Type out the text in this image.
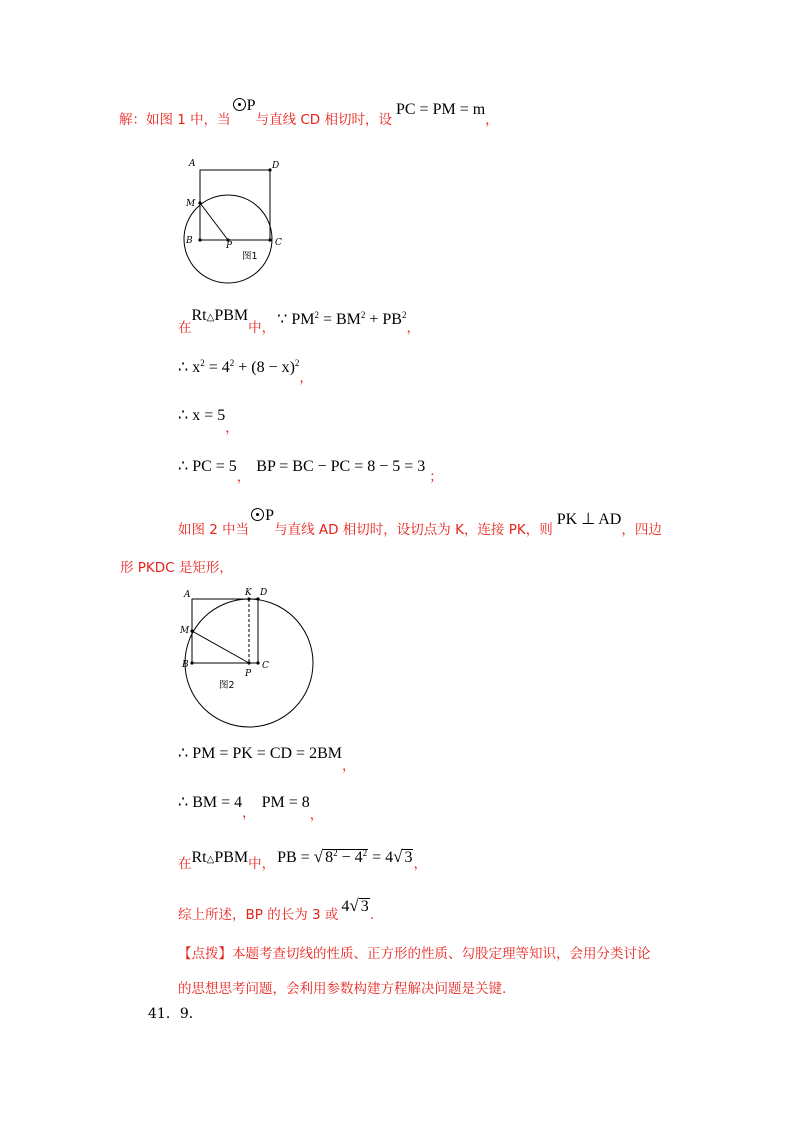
$_{解:如图 1 中,当}P_{与直线 CD 相切时,设}PC$ = PM = $m_,$
A	D
M
B	P	C
图1
$_在Rt\triangle PBM_{中,}$ ∵ $PM^2 = BM^2 + PB^2_,$
∴ $x^2 = 4^2 + (8 - x)^2_,$
∴ $x = 5_,$
∴ PC = $5_,BP$ = BC − PC = $8 - 5 = 3_;$
$_{如图 2 中当}P_{与直线 AD 相切时,设切点为 K,连接 PK,则}PK$ ⊥ $AD_{,四边}$
形 PKDC 是矩形，
A	K D
M
B
P
C
图2
∴ PM = PK = CD = $2BM_,$
∴ BM = $4_,PM = 8_,$
$_在Rt\triangle PBM_{中,}$ PB = √ $8^2 - 4^2 = 4√$ $3_,$
$_{综上所述,BP 的长为 3 或}$ 4√ $3_.$
【点拨】本题考查切线的性质、正方形的性质、勾股定理等知识，会用分类讨论
的思想思考问题，会利用参数构建方程解决问题是关键.
41．9．
